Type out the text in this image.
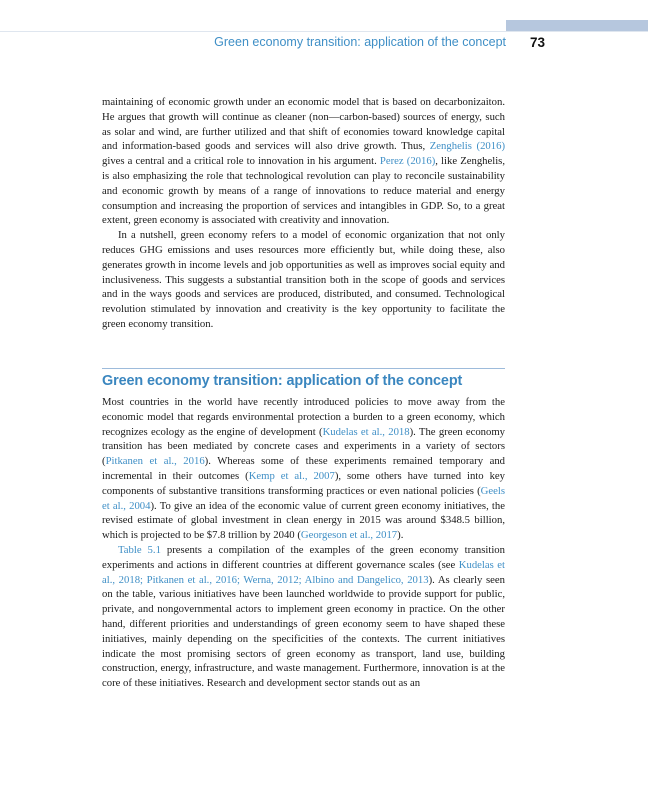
Green economy transition: application of the concept 73

maintaining of economic growth under an economic model that is based on decarbonizaiton. He argues that growth will continue as cleaner (non—carbon-based) sources of energy, such as solar and wind, are further utilized and that shift of economies toward knowledge capital and information-based goods and services will also drive growth. Thus, Zenghelis (2016) gives a central and a critical role to innovation in his argument. Perez (2016), like Zenghelis, is also emphasizing the role that technological revolution can play to reconcile sustainability and economic growth by means of a range of innovations to reduce material and energy consumption and increasing the proportion of services and intangibles in GDP. So, to a great extent, green economy is associated with creativity and innovation.

In a nutshell, green economy refers to a model of economic organization that not only reduces GHG emissions and uses resources more efficiently but, while doing these, also generates growth in income levels and job opportunities as well as improves social equity and inclusiveness. This suggests a substantial transition both in the scope of goods and services and in the ways goods and services are produced, distributed, and consumed. Technological revolution stimulated by innovation and creativity is the key opportunity to facilitate the green economy transition.

Green economy transition: application of the concept

Most countries in the world have recently introduced policies to move away from the economic model that regards environmental protection a burden to a green economy, which recognizes ecology as the engine of development (Kudelas et al., 2018). The green economy transition has been mediated by concrete cases and experiments in a variety of sectors (Pitkanen et al., 2016). Whereas some of these experiments remained temporary and incremental in their outcomes (Kemp et al., 2007), some others have turned into key components of substantive transitions transforming practices or even national policies (Geels et al., 2004). To give an idea of the economic value of current green economy initiatives, the revised estimate of global investment in clean energy in 2015 was around $348.5 billion, which is projected to be $7.8 trillion by 2040 (Georgeson et al., 2017).

Table 5.1 presents a compilation of the examples of the green economy transition experiments and actions in different countries at different governance scales (see Kudelas et al., 2018; Pitkanen et al., 2016; Werna, 2012; Albino and Dangelico, 2013). As clearly seen on the table, various initiatives have been launched worldwide to provide support for public, private, and nongovernmental actors to implement green economy in practice. On the other hand, different priorities and understandings of green economy seem to have shaped these initiatives, mainly depending on the specificities of the contexts. The current initiatives indicate the most promising sectors of green economy as transport, land use, building construction, energy, infrastructure, and waste management. Furthermore, innovation is at the core of these initiatives. Research and development sector stands out as an
